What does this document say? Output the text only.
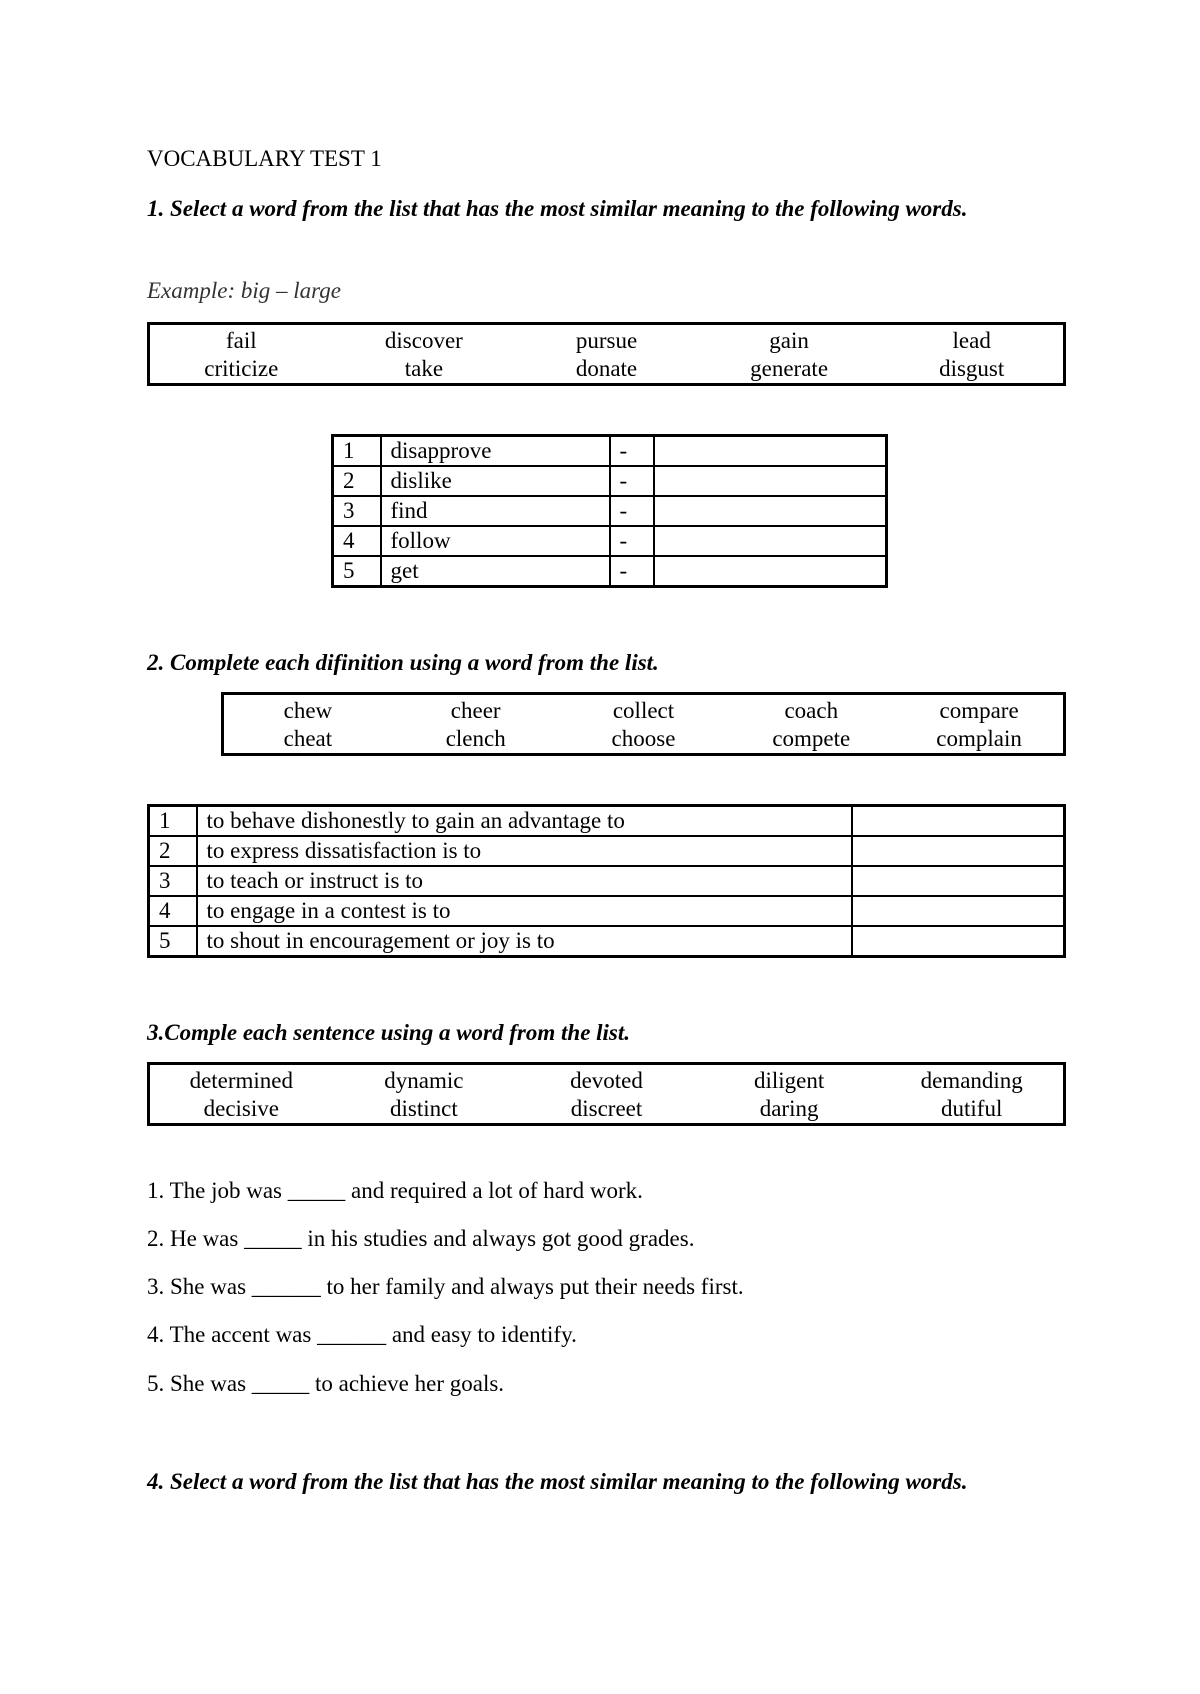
VOCABULARY TEST 1
1. Select a word from the list that has the most similar meaning to the following words.
Example: big – large
fail	discover	pursue	gain	lead
criticize	take	donate	generate	disgust
1	disapprove	-	
2	dislike	-	
3	find	-	
4	follow	-	
5	get	-	
2. Complete each difinition using a word from the list.
chew	cheer	collect	coach	compare
cheat	clench	choose	compete	complain
1	to behave dishonestly to gain an advantage to	
2	to express dissatisfaction is to	
3	to teach or instruct is to	
4	to engage in a contest is to	
5	to shout in encouragement or joy is to	
3.Comple each sentence using a word from the list.
determined	dynamic	devoted	diligent	demanding
decisive	distinct	discreet	daring	dutiful
1. The job was _____ and required a lot of hard work.
2. He was _____ in his studies and always got good grades.
3. She was ______ to her family and always put their needs first.
4. The accent was ______ and easy to identify.
5. She was _____ to achieve her goals.
4. Select a word from the list that has the most similar meaning to the following words.
